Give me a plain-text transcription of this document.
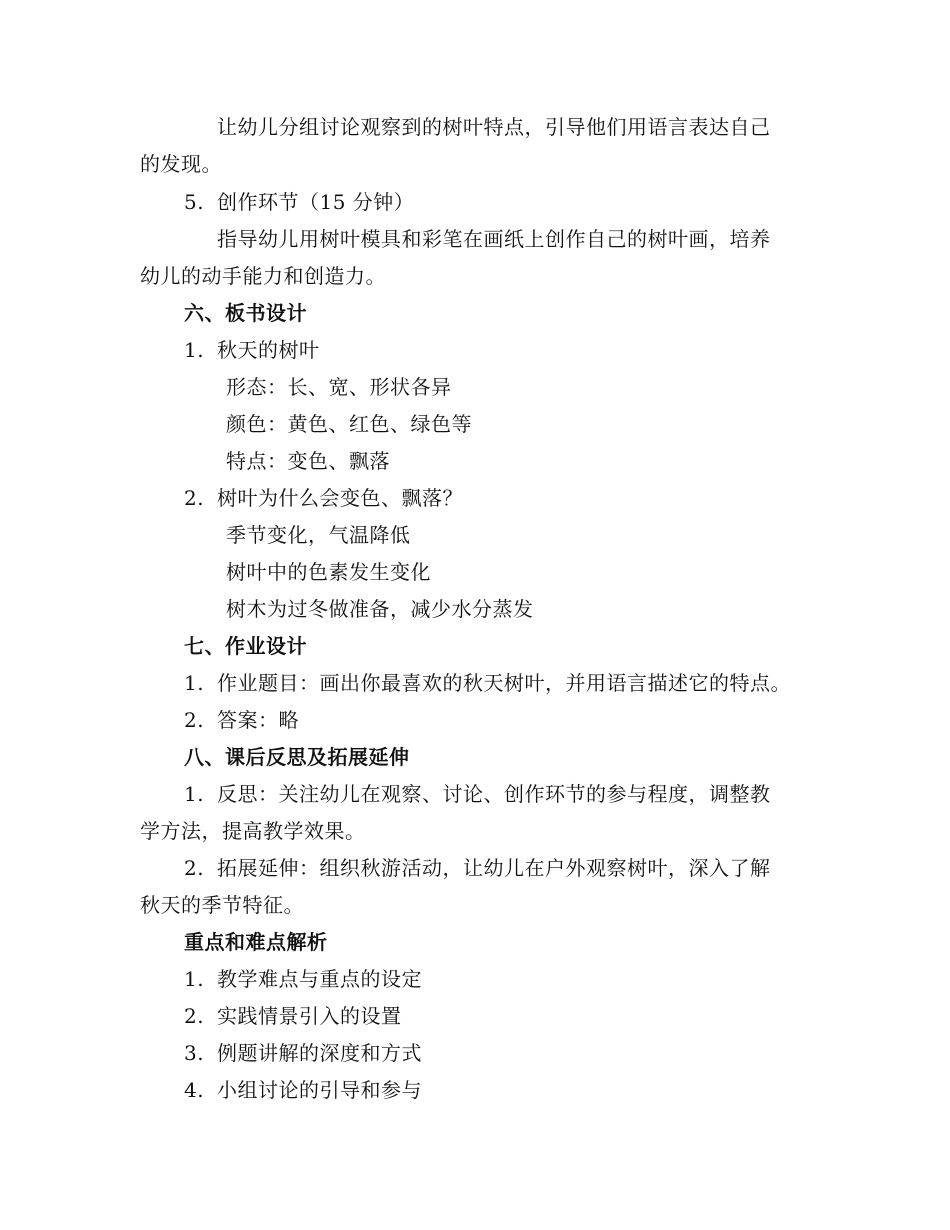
让幼儿分组讨论观察到的树叶特点，引导他们用语言表达自己
的发现。
5. 创作环节（15 分钟）
指导幼儿用树叶模具和彩笔在画纸上创作自己的树叶画，培养
幼儿的动手能力和创造力。
六、板书设计
1. 秋天的树叶
形态：长、宽、形状各异
颜色：黄色、红色、绿色等
特点：变色、飘落
2. 树叶为什么会变色、飘落？
季节变化，气温降低
树叶中的色素发生变化
树木为过冬做准备，减少水分蒸发
七、作业设计
1. 作业题目：画出你最喜欢的秋天树叶，并用语言描述它的特点。
2. 答案：略
八、课后反思及拓展延伸
1. 反思：关注幼儿在观察、讨论、创作环节的参与程度，调整教
学方法，提高教学效果。
2. 拓展延伸：组织秋游活动，让幼儿在户外观察树叶，深入了解
秋天的季节特征。
重点和难点解析
1. 教学难点与重点的设定
2. 实践情景引入的设置
3. 例题讲解的深度和方式
4. 小组讨论的引导和参与
